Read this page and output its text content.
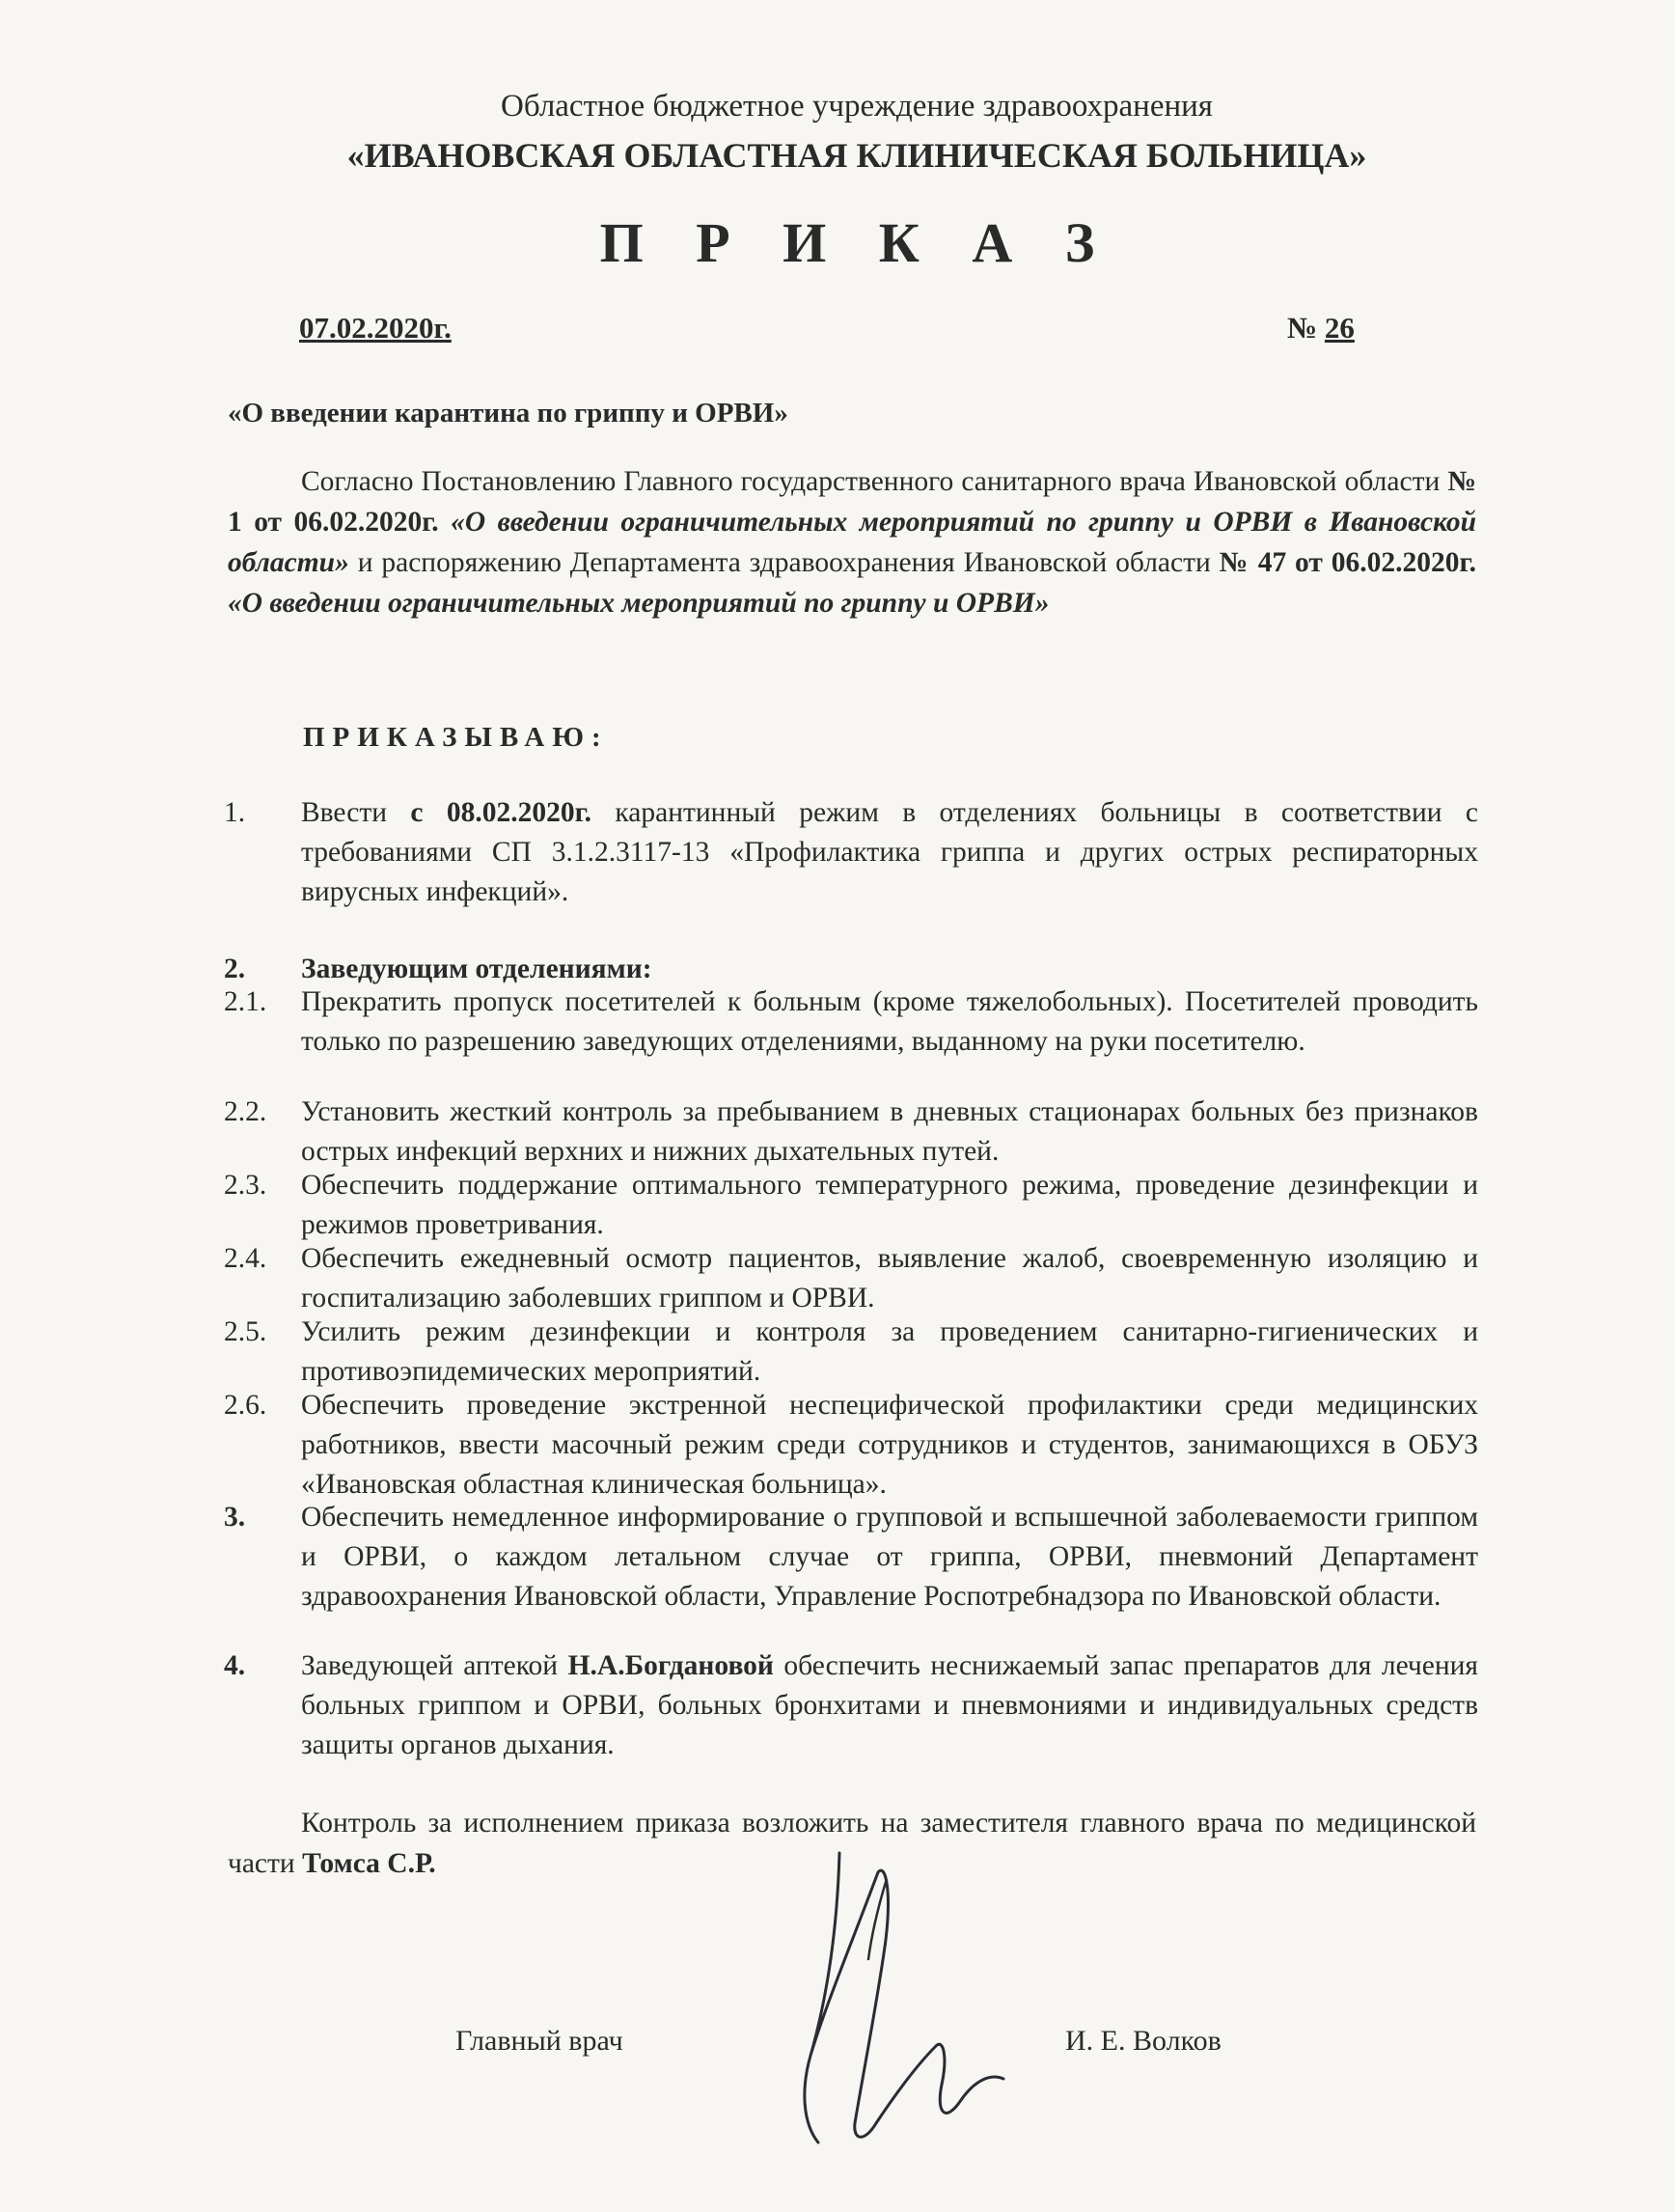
Областное бюджетное учреждение здравоохранения
«ИВАНОВСКАЯ ОБЛАСТНАЯ КЛИНИЧЕСКАЯ БОЛЬНИЦА»
П Р И К А З
07.02.2020г.	№ 26
«О введении карантина по гриппу и ОРВИ»
Согласно Постановлению Главного государственного санитарного врача Ивановской области № 1 от 06.02.2020г. «О введении ограничительных мероприятий по гриппу и ОРВИ в Ивановской области» и распоряжению Департамента здравоохранения Ивановской области № 47 от 06.02.2020г. «О введении ограничительных мероприятий по гриппу и ОРВИ»
ПРИКАЗЫВАЮ:
1. Ввести с 08.02.2020г. карантинный режим в отделениях больницы в соответствии с требованиями СП 3.1.2.3117-13 «Профилактика гриппа и других острых респираторных вирусных инфекций».
2. Заведующим отделениями:
2.1. Прекратить пропуск посетителей к больным (кроме тяжелобольных). Посетителей проводить только по разрешению заведующих отделениями, выданному на руки посетителю.
2.2. Установить жесткий контроль за пребыванием в дневных стационарах больных без признаков острых инфекций верхних и нижних дыхательных путей.
2.3. Обеспечить поддержание оптимального температурного режима, проведение дезинфекции и режимов проветривания.
2.4. Обеспечить ежедневный осмотр пациентов, выявление жалоб, своевременную изоляцию и госпитализацию заболевших гриппом и ОРВИ.
2.5. Усилить режим дезинфекции и контроля за проведением санитарно-гигиенических и противоэпидемических мероприятий.
2.6. Обеспечить проведение экстренной неспецифической профилактики среди медицинских работников, ввести масочный режим среди сотрудников и студентов, занимающихся в ОБУЗ «Ивановская областная клиническая больница».
3. Обеспечить немедленное информирование о групповой и вспышечной заболеваемости гриппом и ОРВИ, о каждом летальном случае от гриппа, ОРВИ, пневмоний Департамент здравоохранения Ивановской области, Управление Роспотребнадзора по Ивановской области.
4. Заведующей аптекой Н.А.Богдановой обеспечить неснижаемый запас препаратов для лечения больных гриппом и ОРВИ, больных бронхитами и пневмониями и индивидуальных средств защиты органов дыхания.
Контроль за исполнением приказа возложить на заместителя главного врача по медицинской части Томса С.Р.
Главный врач	И. Е. Волков
